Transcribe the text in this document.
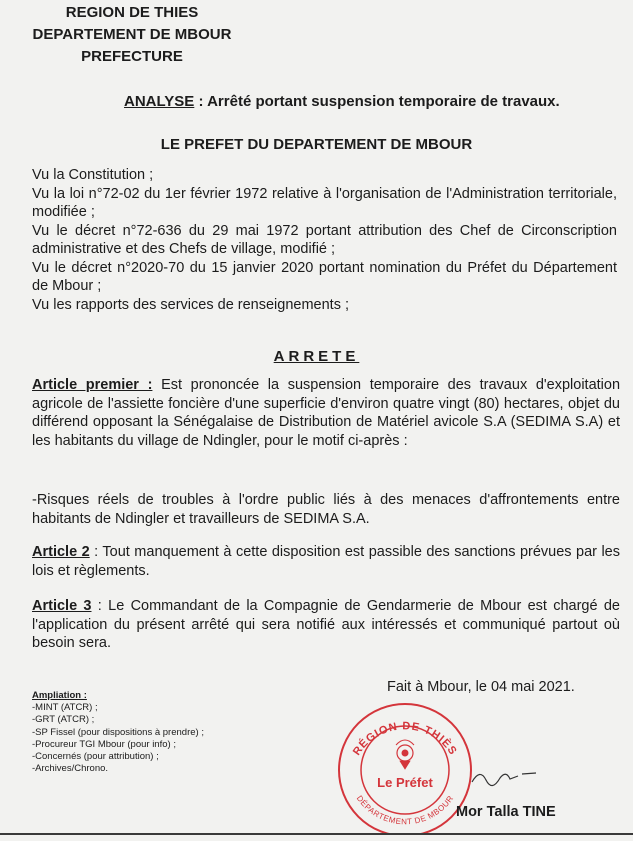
REGION DE THIES
DEPARTEMENT DE MBOUR
PREFECTURE
ANALYSE : Arrêté portant suspension temporaire de travaux.
LE PREFET DU DEPARTEMENT DE MBOUR

Vu la Constitution ;

Vu la loi n°72-02 du 1er février 1972 relative à l'organisation de l'Administration territoriale, modifiée ;

Vu le décret n°72-636 du 29 mai 1972 portant attribution des Chef de Circonscription administrative et des Chefs de village, modifié ;

Vu le décret n°2020-70 du 15 janvier 2020 portant nomination du Préfet du Département de Mbour ;

Vu les rapports des services de renseignements ;

ARRETE

Article premier : Est prononcée la suspension temporaire des travaux d'exploitation agricole de l'assiette foncière d'une superficie d'environ quatre vingt (80) hectares, objet du différend opposant la Sénégalaise de Distribution de Matériel avicole S.A (SEDIMA S.A) et les habitants du village de Ndingler, pour le motif ci-après :

-Risques réels de troubles à l'ordre public liés à des menaces d'affrontements entre habitants de Ndingler et travailleurs de SEDIMA S.A.

Article 2 : Tout manquement à cette disposition est passible des sanctions prévues par les lois et règlements.

Article 3 : Le Commandant de la Compagnie de Gendarmerie de Mbour est chargé de l'application du présent arrêté qui sera notifié aux intéressés et communiqué partout où besoin sera.

Fait à Mbour, le 04 mai 2021.
Ampliation :
-MINT (ATCR) ;
-GRT (ATCR) ;
-SP Fissel (pour dispositions à prendre) ;
-Procureur TGI Mbour (pour info) ;
-Concernés (pour attribution) ;
-Archives/Chrono.
RÉGION DE THIÈS
DÉPARTEMENT DE MBOUR
Le Préfet
Mor Talla TINE
